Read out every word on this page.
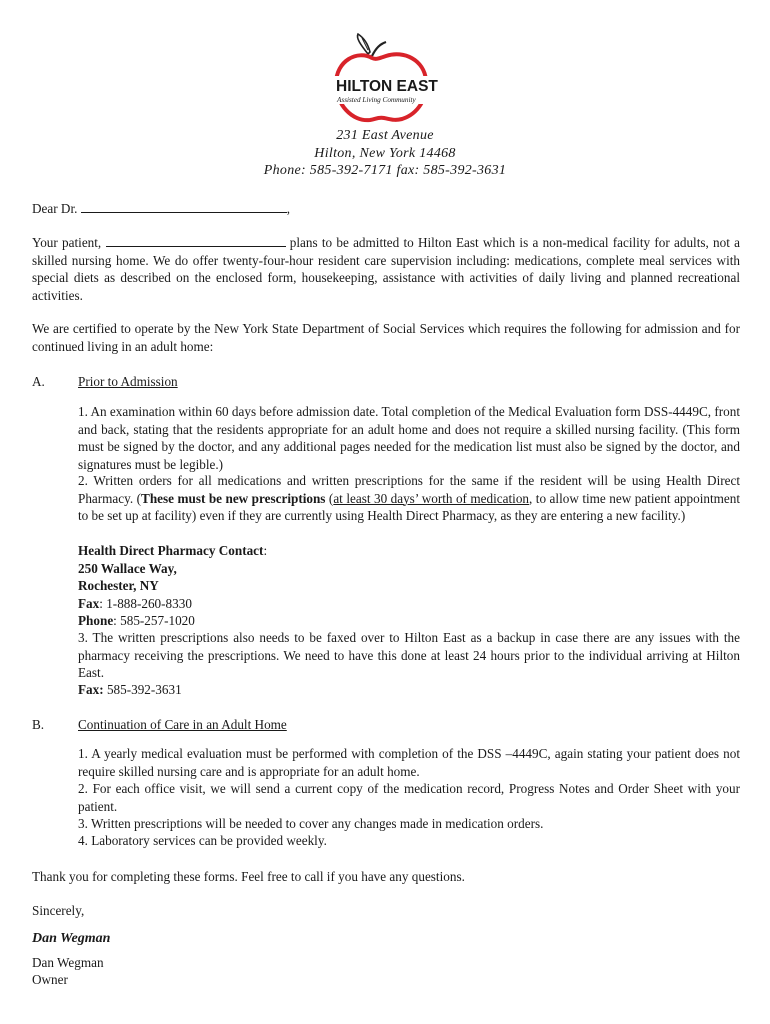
HILTON EAST
Assisted Living Community
231 East Avenue
Hilton, New York 14468
Phone: 585-392-7171 fax: 585-392-3631
Dear Dr.	,
Your patient,	plans to be admitted to Hilton East which is a non-medical facility for adults, not a skilled nursing home. We do offer twenty-four-hour resident care supervision including: medications, complete meal services with special diets as described on the enclosed form, housekeeping, assistance with activities of daily living and planned recreational activities.
We are certified to operate by the New York State Department of Social Services which requires the following for admission and for continued living in an adult home:
A.	Prior to Admission
1. An examination within 60 days before admission date. Total completion of the Medical Evaluation form DSS-4449C, front and back, stating that the residents appropriate for an adult home and does not require a skilled nursing facility. (This form must be signed by the doctor, and any additional pages needed for the medication list must also be signed by the doctor, and signatures must be legible.)
2. Written orders for all medications and written prescriptions for the same if the resident will be using Health Direct Pharmacy. (These must be new prescriptions (at least 30 days’ worth of medication, to allow time new patient appointment to be set up at facility) even if they are currently using Health Direct Pharmacy, as they are entering a new facility.)
Health Direct Pharmacy Contact:
250 Wallace Way,
Rochester, NY
Fax: 1-888-260-8330
Phone: 585-257-1020
3. The written prescriptions also needs to be faxed over to Hilton East as a backup in case there are any issues with the pharmacy receiving the prescriptions. We need to have this done at least 24 hours prior to the individual arriving at Hilton East.
Fax: 585-392-3631
B.	Continuation of Care in an Adult Home
1. A yearly medical evaluation must be performed with completion of the DSS –4449C, again stating your patient does not require skilled nursing care and is appropriate for an adult home.
2. For each office visit, we will send a current copy of the medication record, Progress Notes and Order Sheet with your patient.
3. Written prescriptions will be needed to cover any changes made in medication orders.
4. Laboratory services can be provided weekly.
Thank you for completing these forms. Feel free to call if you have any questions.
Sincerely,
Dan Wegman
Dan Wegman
Owner
